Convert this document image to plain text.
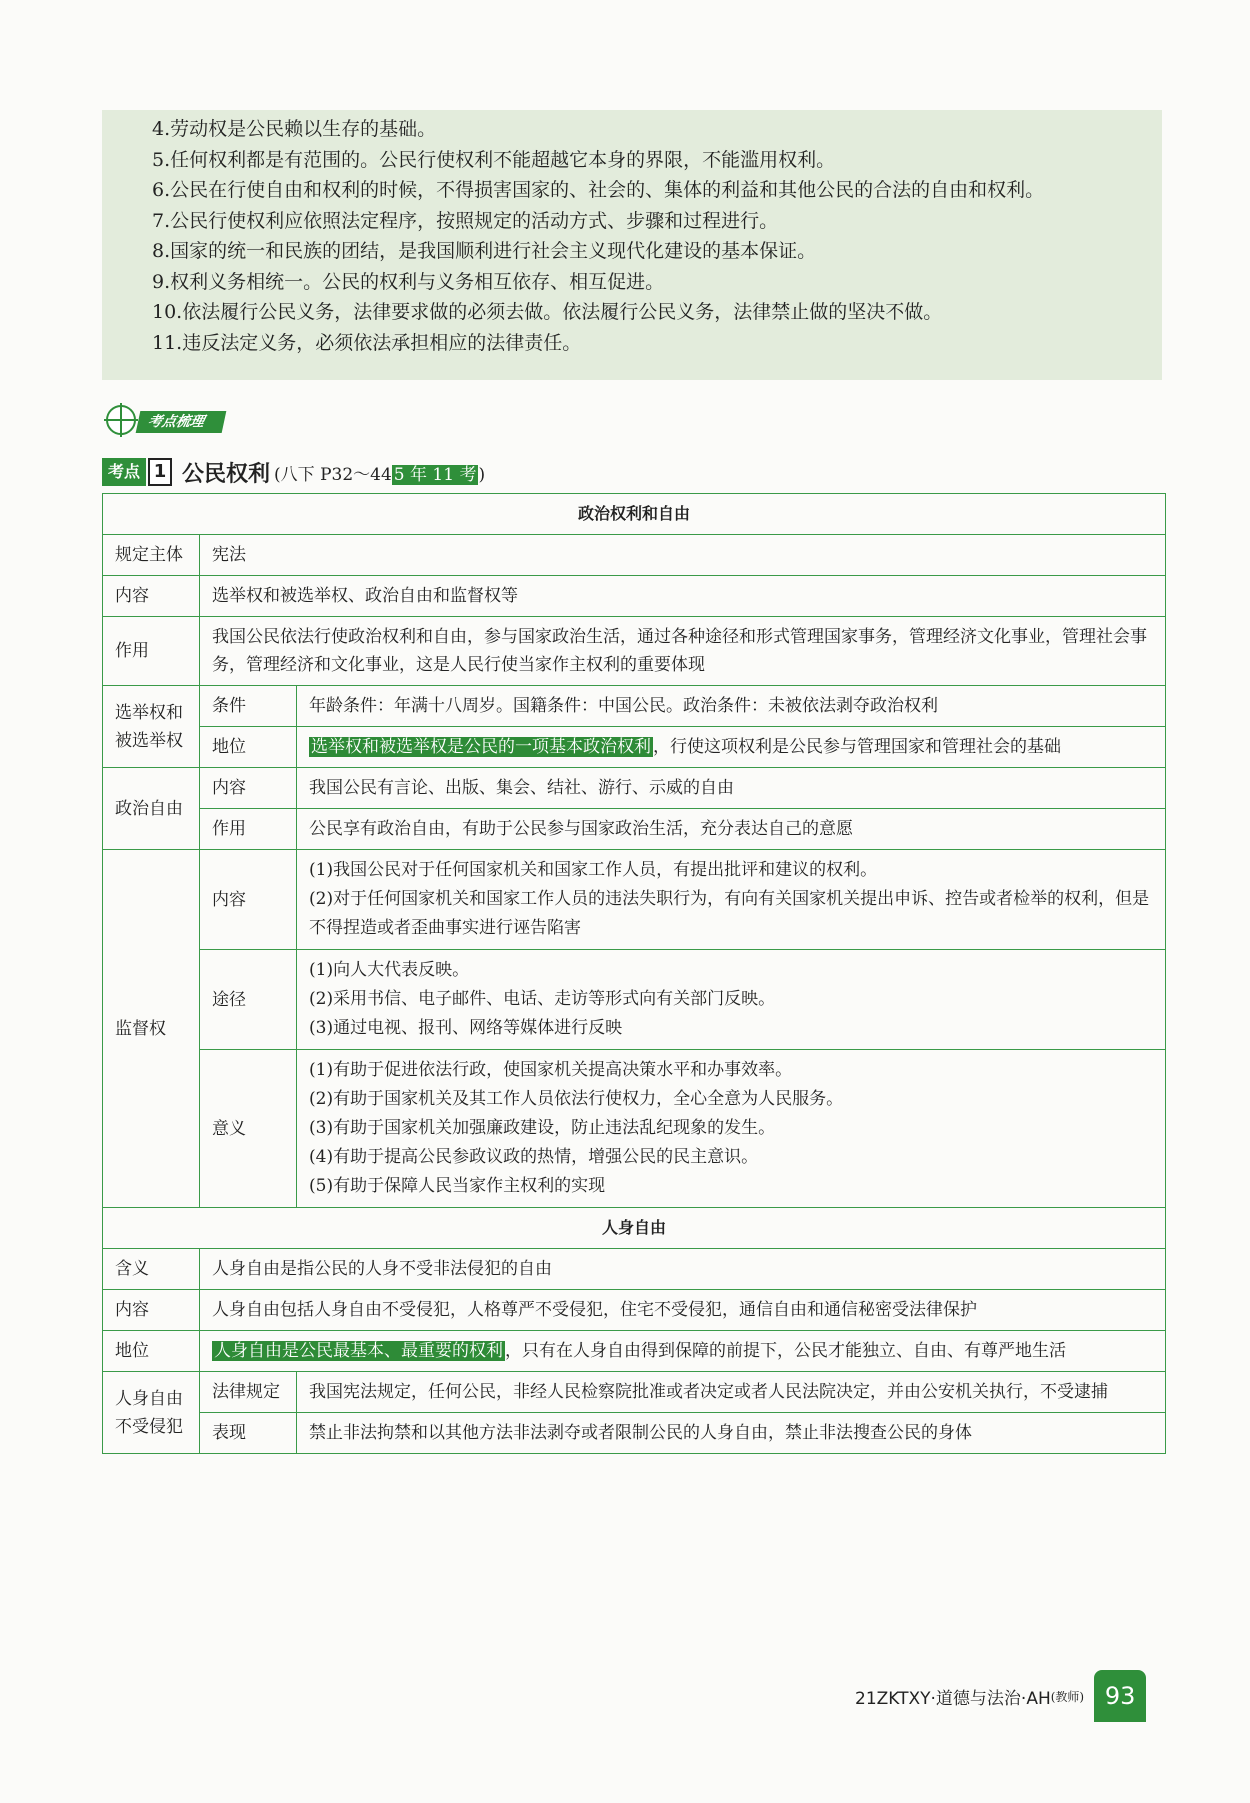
4.劳动权是公民赖以生存的基础。
5.任何权利都是有范围的。公民行使权利不能超越它本身的界限，不能滥用权利。
6.公民在行使自由和权利的时候，不得损害国家的、社会的、集体的利益和其他公民的合法的自由和权利。
7.公民行使权利应依照法定程序，按照规定的活动方式、步骤和过程进行。
8.国家的统一和民族的团结，是我国顺利进行社会主义现代化建设的基本保证。
9.权利义务相统一。公民的权利与义务相互依存、相互促进。
10.依法履行公民义务，法律要求做的必须去做。依法履行公民义务，法律禁止做的坚决不做。
11.违反法定义务，必须依法承担相应的法律责任。
考点梳理
考点 1 公民权利 (八下 P32～44 5 年 11 考 )
政治权利和自由		
规定主体	宪法	
内容	选举权和被选举权、政治自由和监督权等	
作用	我国公民依法行使政治权利和自由，参与国家政治生活，通过各种途径和形式管理国家事务，管理经济文化事业，管理社会事务，管理经济和文化事业，这是人民行使当家作主权利的重要体现	
选举权和被选举权	条件	年龄条件：年满十八周岁。国籍条件：中国公民。政治条件：未被依法剥夺政治权利
	地位	选举权和被选举权是公民的一项基本政治权利 ，行使这项权利是公民参与管理国家和管理社会的基础
政治自由	内容	我国公民有言论、出版、集会、结社、游行、示威的自由
	作用	公民享有政治自由，有助于公民参与国家政治生活，充分表达自己的意愿
监督权	内容	(1)我国公民对于任何国家机关和国家工作人员，有提出批评和建议的权利。
(2)对于任何国家机关和国家工作人员的违法失职行为，有向有关国家机关提出申诉、控告或者检举的权利，但是不得捏造或者歪曲事实进行诬告陷害

	途径	(1)向人大代表反映。
(2)采用书信、电子邮件、电话、走访等形式向有关部门反映。
(3)通过电视、报刊、网络等媒体进行反映

	意义	(1)有助于促进依法行政，使国家机关提高决策水平和办事效率。
(2)有助于国家机关及其工作人员依法行使权力，全心全意为人民服务。
(3)有助于国家机关加强廉政建设，防止违法乱纪现象的发生。
(4)有助于提高公民参政议政的热情，增强公民的民主意识。
(5)有助于保障人民当家作主权利的实现

人身自由		
含义	人身自由是指公民的人身不受非法侵犯的自由	
内容	人身自由包括人身自由不受侵犯，人格尊严不受侵犯，住宅不受侵犯，通信自由和通信秘密受法律保护	
地位	人身自由是公民最基本、最重要的权利 ，只有在人身自由得到保障的前提下，公民才能独立、自由、有尊严地生活	
人身自由不受侵犯	法律规定	我国宪法规定，任何公民，非经人民检察院批准或者决定或者人民法院决定，并由公安机关执行，不受逮捕
	表现	禁止非法拘禁和以其他方法非法剥夺或者限制公民的人身自由，禁止非法搜查公民的身体
21ZKTXY·道德与法治·AH (教师) 93
